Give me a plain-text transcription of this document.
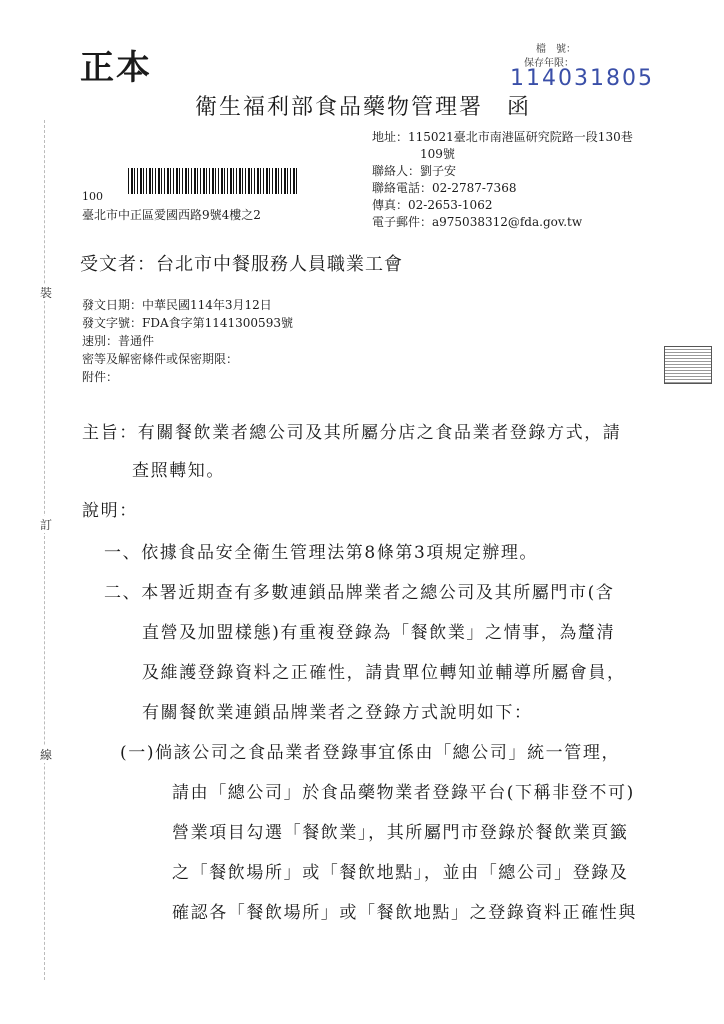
正本	檔　號：
保存年限：
114031805
衛生福利部食品藥物管理署　函
地址：115021臺北市南港區研究院路一段130巷
109號
聯絡人：劉子安
聯絡電話：02-2787-7368
傳真：02-2653-1062
電子郵件：a975038312@fda.gov.tw
100
臺北市中正區愛國西路9號4樓之2
受文者：台北市中餐服務人員職業工會
發文日期：中華民國114年3月12日
發文字號：FDA食字第1141300593號
速別：普通件
密等及解密條件或保密期限：
附件：
主旨：有關餐飲業者總公司及其所屬分店之食品業者登錄方式，請
查照轉知。
說明：
一、依據食品安全衛生管理法第8條第3項規定辦理。
二、本署近期查有多數連鎖品牌業者之總公司及其所屬門市(含
直營及加盟樣態)有重複登錄為「餐飲業」之情事，為釐清
及維護登錄資料之正確性，請貴單位轉知並輔導所屬會員，
有關餐飲業連鎖品牌業者之登錄方式說明如下：
(一)倘該公司之食品業者登錄事宜係由「總公司」統一管理，
請由「總公司」於食品藥物業者登錄平台(下稱非登不可)
營業項目勾選「餐飲業」，其所屬門市登錄於餐飲業頁籤
之「餐飲場所」或「餐飲地點」，並由「總公司」登錄及
確認各「餐飲場所」或「餐飲地點」之登錄資料正確性與
裝
訂
線
